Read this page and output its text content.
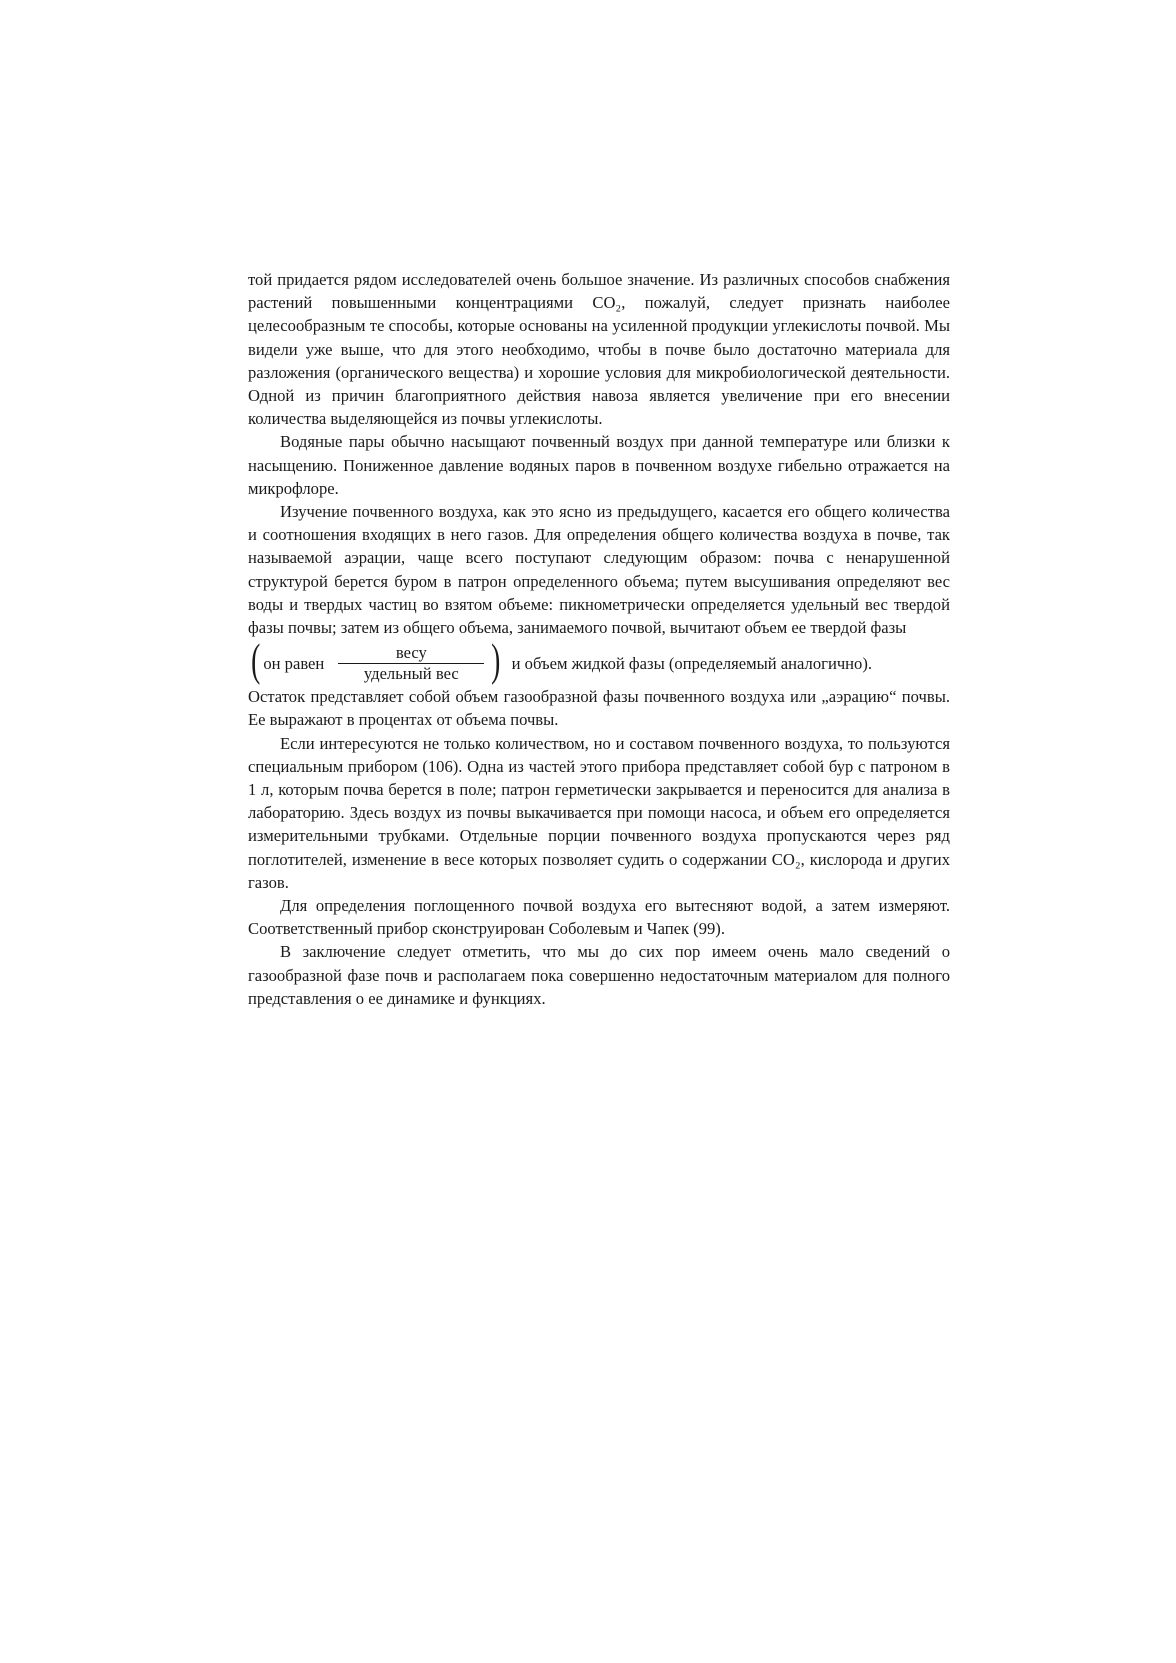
той придается рядом исследователей очень большое значение. Из различных способов снабжения растений повышенными концентрациями CO₂, пожалуй, следует признать наиболее целесообразным те способы, которые основаны на усиленной продукции углекислоты почвой. Мы видели уже выше, что для этого необходимо, чтобы в почве было достаточно материала для разложения (органического вещества) и хорошие условия для микробиологической деятельности. Одной из причин благоприятного действия навоза является увеличение при его внесении количества выделяющейся из почвы углекислоты.

Водяные пары обычно насыщают почвенный воздух при данной температуре или близки к насыщению. Пониженное давление водяных паров в почвенном воздухе гибельно отражается на микрофлоре.

Изучение почвенного воздуха, как это ясно из предыдущего, касается его общего количества и соотношения входящих в него газов. Для определения общего количества воздуха в почве, так называемой аэрации, чаще всего поступают следующим образом: почва с ненарушенной структурой берется буром в патрон определенного объема; путем высушивания определяют вес воды и твердых частиц во взятом объеме: пикнометрически определяется удельный вес твердой фазы почвы; затем из общего объема, занимаемого почвой, вычитают объем ее твердой фазы

( он равен $\frac{\text{весу}}{\text{удельный вес}}$ ) и объем жидкой фазы (определяемый аналогично).

Остаток представляет собой объем газообразной фазы почвенного воздуха или „аэрацию“ почвы. Ее выражают в процентах от объема почвы.

Если интересуются не только количеством, но и составом почвенного воздуха, то пользуются специальным прибором (106). Одна из частей этого прибора представляет собой бур с патроном в 1 л, которым почва берется в поле; патрон герметически закрывается и переносится для анализа в лабораторию. Здесь воздух из почвы выкачивается при помощи насоса, и объем его определяется измерительными трубками. Отдельные порции почвенного воздуха пропускаются через ряд поглотителей, изменение в весе которых позволяет судить о содержании CO₂, кислорода и других газов.

Для определения поглощенного почвой воздуха его вытесняют водой, а затем измеряют. Соответственный прибор сконструирован Соболевым и Чапек (99).

В заключение следует отметить, что мы до сих пор имеем очень мало сведений о газообразной фазе почв и располагаем пока совершенно недостаточным материалом для полного представления о ее динамике и функциях.
